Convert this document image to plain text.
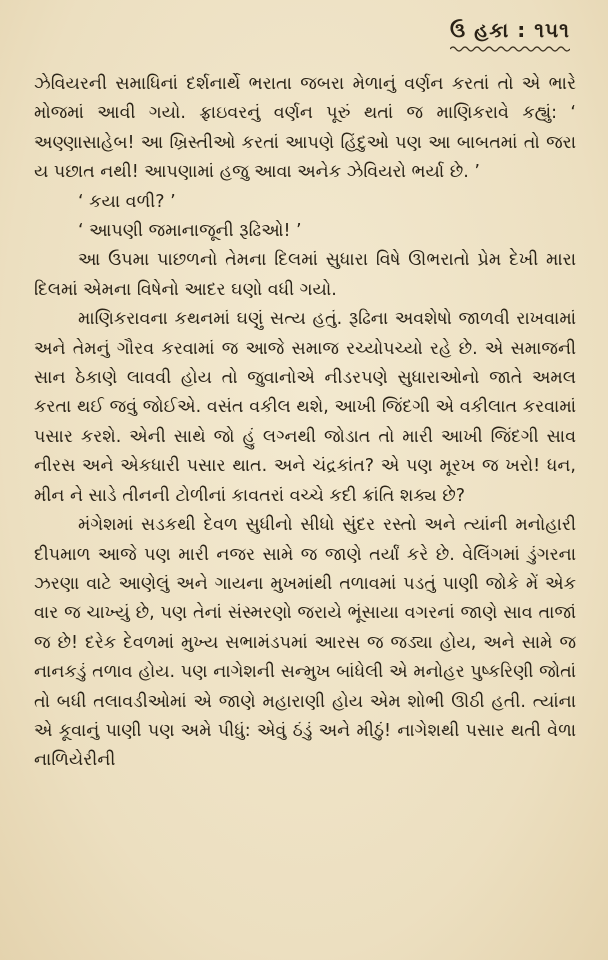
ઉ હકા : ૧૫૧

ઝેવિયરની સમાધિનાં દર્શનાર્થે ભરાતા જબરા મેળાનું વર્ણન કરતાં તો એ ભારે મોજમાં આવી ગયો. ફ્રાઇવરનું વર્ણન પૂરું થતાં જ માણિકરાવે કહ્યું: ‘ અણ્ણાસાહેબ! આ ખ્રિસ્તીઓ કરતાં આપણે હિંદુઓ પણ આ બાબતમાં તો જરા ય પછાત નથી! આપણામાં હજુ આવા અનેક ઝેવિયરો ભર્યા છે. ’

‘ કયા વળી? ’

‘ આપણી જમાનાજૂની રૂઢિઓ! ’

આ ઉપમા પાછળનો તેમના દિલમાં સુધારા વિષે ઊભરાતો પ્રેમ દેખી મારા દિલમાં એમના વિષેનો આદર ઘણો વધી ગયો.

માણિકરાવના કથનમાં ઘણું સત્ય હતું. રૂઢિના અવશેષો જાળવી રાખવામાં અને તેમનું ગૌરવ કરવામાં જ આજે સમાજ રચ્યોપચ્યો રહે છે. એ સમાજની સાન ઠેકાણે લાવવી હોય તો જુવાનોએ નીડરપણે સુધારાઓનો જાતે અમલ કરતા થઈ જવું જોઈએ. વસંત વકીલ થશે, આખી જિંદગી એ વકીલાત કરવામાં પસાર કરશે. એની સાથે જો હું લગ્નથી જોડાત તો મારી આખી જિંદગી સાવ નીરસ અને એકધારી પસાર થાત. અને ચંદ્રકાંત? એ પણ મૂરખ જ ખરો! ધન, મીન ને સાડે તીનની ટોળીનાં કાવતરાં વચ્ચે કદી ક્રાંતિ શક્ય છે?

મંગેશમાં સડકથી દેવળ સુધીનો સીધો સુંદર રસ્તો અને ત્યાંની મનોહારી દીપમાળ આજે પણ મારી નજર સામે જ જાણે તર્યાં કરે છે. વેલિંગમાં ડુંગરના ઝરણા વાટે આણેલું અને ગાયના મુખમાંથી તળાવમાં પડતું પાણી જોકે મેં એક વાર જ ચાખ્યું છે, પણ તેનાં સંસ્મરણો જરાયે ભૂંસાયા વગરનાં જાણે સાવ તાજાં જ છે! દરેક દેવળમાં મુખ્ય સભામંડપમાં આરસ જ જડ્યા હોય, અને સામે જ નાનકડું તળાવ હોય. પણ નાગેશની સન્મુખ બાંધેલી એ મનોહર પુષ્કરિણી જોતાં તો બધી તલાવડીઓમાં એ જાણે મહારાણી હોય એમ શોભી ઊઠી હતી. ત્યાંના એ કૂવાનું પાણી પણ અમે પીધું: એવું ઠંડું અને મીઠું! નાગેશથી પસાર થતી વેળા નાળિયેરીની
